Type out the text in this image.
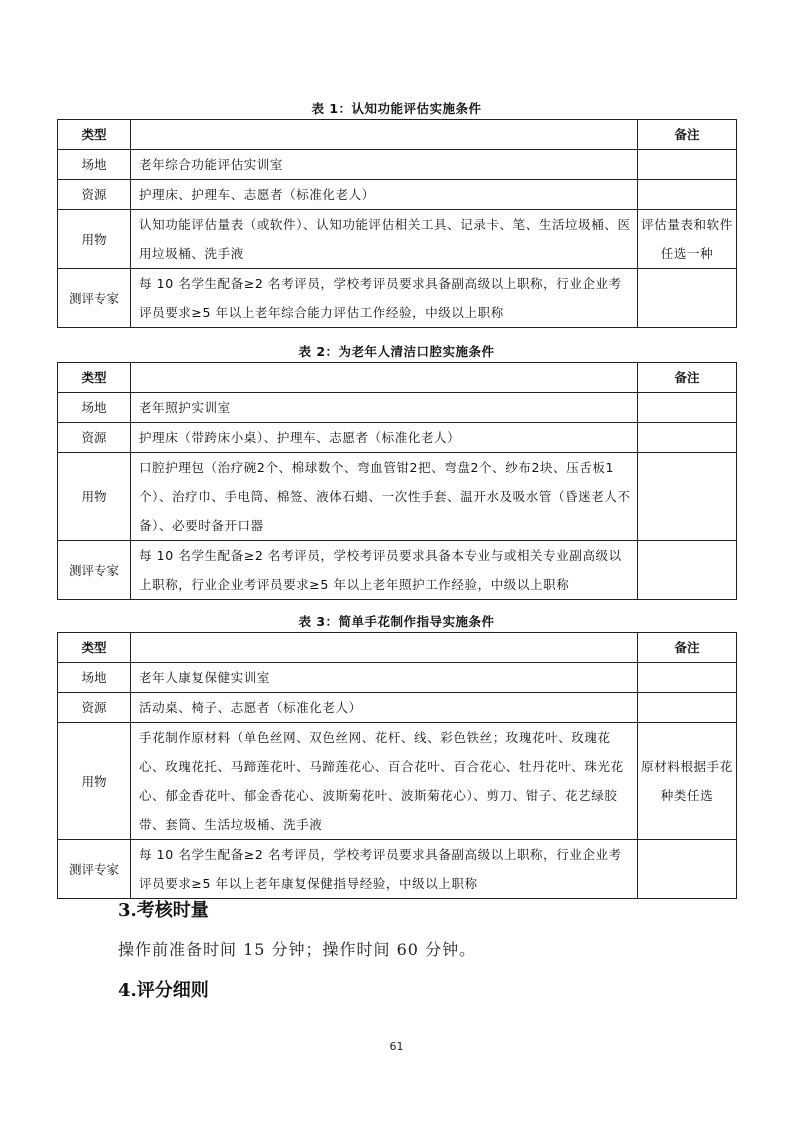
表 1：认知功能评估实施条件
类型		备注
场地	老年综合功能评估实训室	
资源	护理床、护理车、志愿者（标准化老人）	
用物	认知功能评估量表（或软件）、认知功能评估相关工具、记录卡、笔、生活垃圾桶、医用垃圾桶、洗手液	评估量表和软件任选一种
测评专家	每 10 名学生配备≥2 名考评员，学校考评员要求具备副高级以上职称，行业企业考评员要求≥5 年以上老年综合能力评估工作经验，中级以上职称	
表 2：为老年人清洁口腔实施条件
类型		备注
场地	老年照护实训室	
资源	护理床（带跨床小桌）、护理车、志愿者（标准化老人）	
用物	口腔护理包（治疗碗2个、棉球数个、弯血管钳2把、弯盘2个、纱布2块、压舌板1个）、治疗巾、手电筒、棉签、液体石蜡、一次性手套、温开水及吸水管（昏迷老人不备）、必要时备开口器	
测评专家	每 10 名学生配备≥2 名考评员，学校考评员要求具备本专业与或相关专业副高级以上职称，行业企业考评员要求≥5 年以上老年照护工作经验，中级以上职称	
表 3：简单手花制作指导实施条件
类型		备注
场地	老年人康复保健实训室	
资源	活动桌、椅子、志愿者（标准化老人）	
用物	手花制作原材料（单色丝网、双色丝网、花杆、线、彩色铁丝；玫瑰花叶、玫瑰花心、玫瑰花托、马蹄莲花叶、马蹄莲花心、百合花叶、百合花心、牡丹花叶、珠光花心、郁金香花叶、郁金香花心、波斯菊花叶、波斯菊花心）、剪刀、钳子、花艺绿胶带、套筒、生活垃圾桶、洗手液	原材料根据手花种类任选
测评专家	每 10 名学生配备≥2 名考评员，学校考评员要求具备副高级以上职称，行业企业考评员要求≥5 年以上老年康复保健指导经验，中级以上职称	
3.考核时量
操作前准备时间 15 分钟；操作时间 60 分钟。
4.评分细则
61
